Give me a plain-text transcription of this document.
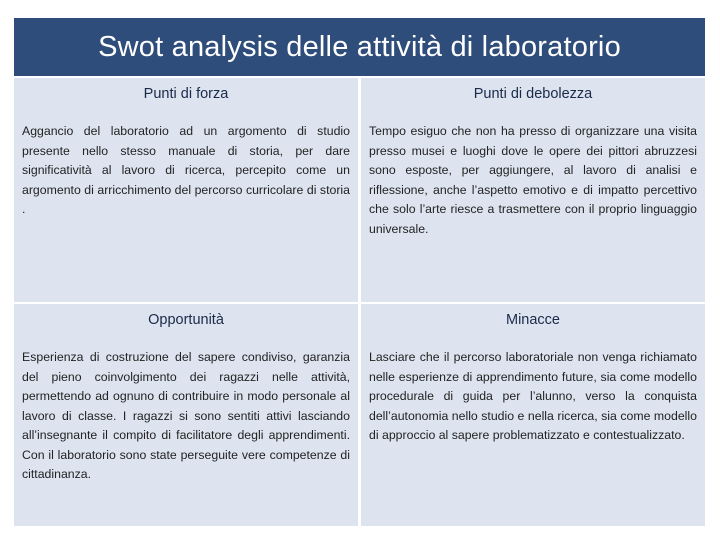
Swot analysis delle attività di laboratorio
Punti di forza
Aggancio del laboratorio ad un argomento di studio presente nello stesso manuale di storia, per dare significatività al lavoro di ricerca, percepito come un argomento di arricchimento del percorso curricolare di storia .
Punti di debolezza
Tempo esiguo che non ha presso di organizzare una visita presso musei e luoghi dove le opere dei pittori abruzzesi sono esposte, per aggiungere, al lavoro di analisi e riflessione, anche l’aspetto emotivo e di impatto percettivo che solo l’arte riesce a trasmettere con il proprio linguaggio universale.
Opportunità
Esperienza di costruzione del sapere condiviso, garanzia del pieno coinvolgimento dei ragazzi nelle attività, permettendo ad ognuno di contribuire in modo personale al lavoro di classe. I ragazzi si sono sentiti attivi lasciando all’insegnante il compito di facilitatore degli apprendimenti. Con il laboratorio sono state perseguite vere competenze di cittadinanza.
Minacce
Lasciare che il percorso laboratoriale non venga richiamato nelle esperienze di apprendimento future, sia come modello procedurale di guida per l’alunno, verso la conquista dell’autonomia nello studio e nella ricerca, sia come modello di approccio al sapere problematizzato e contestualizzato.
